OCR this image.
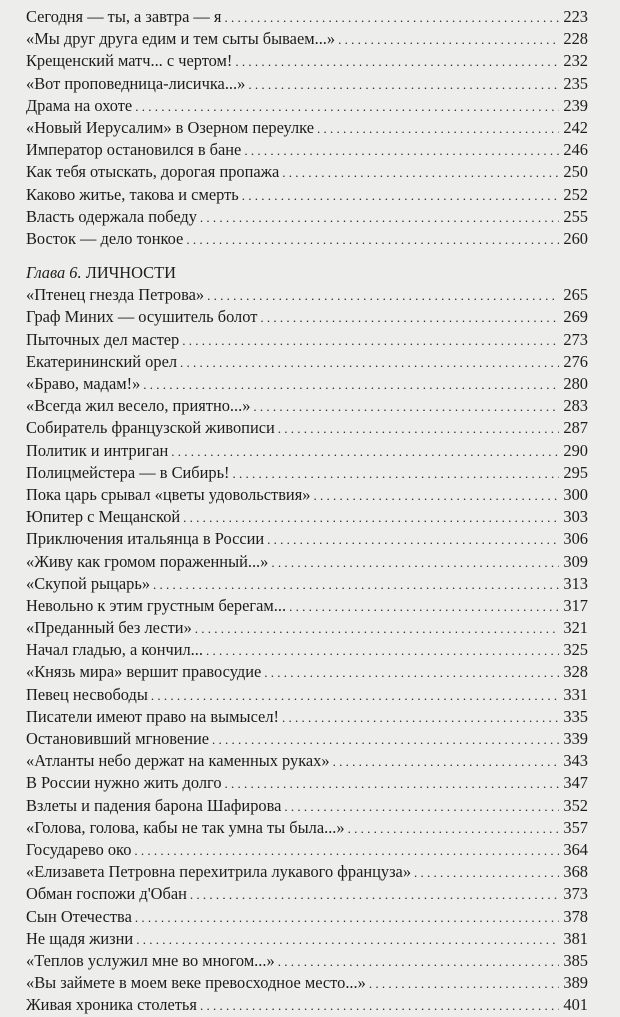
Сегодня — ты, а завтра — я . . .	223
«Мы друг друга едим и тем сыты бываем...» . . .	228
Крещенский матч... с чертом! . . .	232
«Вот проповедница-лисичка...» . . .	235
Драма на охоте . . .	239
«Новый Иерусалим» в Озерном переулке . . .	242
Император остановился в бане . . .	246
Как тебя отыскать, дорогая пропажа . . .	250
Каково житье, такова и смерть . . .	252
Власть одержала победу . . .	255
Восток — дело тонкое . . .	260
Глава 6. ЛИЧНОСТИ
«Птенец гнезда Петрова» . . .	265
Граф Миних — осушитель болот . . .	269
Пыточных дел мастер . . .	273
Екатерининский орел . . .	276
«Браво, мадам!» . . .	280
«Всегда жил весело, приятно...» . . .	283
Собиратель французской живописи . . .	287
Политик и интриган . . .	290
Полицмейстера — в Сибирь! . . .	295
Пока царь срывал «цветы удовольствия» . . .	300
Юпитер с Мещанской . . .	303
Приключения итальянца в России . . .	306
«Живу как громом пораженный...» . . .	309
«Скупой рыцарь» . . .	313
Невольно к этим грустным берегам... . . .	317
«Преданный без лести» . . .	321
Начал гладью, а кончил... . . .	325
«Князь мира» вершит правосудие . . .	328
Певец несвободы . . .	331
Писатели имеют право на вымысел! . . .	335
Остановивший мгновение . . .	339
«Атланты небо держат на каменных руках» . . .	343
В России нужно жить долго . . .	347
Взлеты и падения барона Шафирова . . .	352
«Голова, голова, кабы не так умна ты была...» . . .	357
Государево око . . .	364
«Елизавета Петровна перехитрила лукавого француза» . . .	368
Обман госпожи д'Обан . . .	373
Сын Отечества . . .	378
Не щадя жизни . . .	381
«Теплов услужил мне во многом...» . . .	385
«Вы займете в моем веке превосходное место...» . . .	389
Живая хроника столетья . . .	401
